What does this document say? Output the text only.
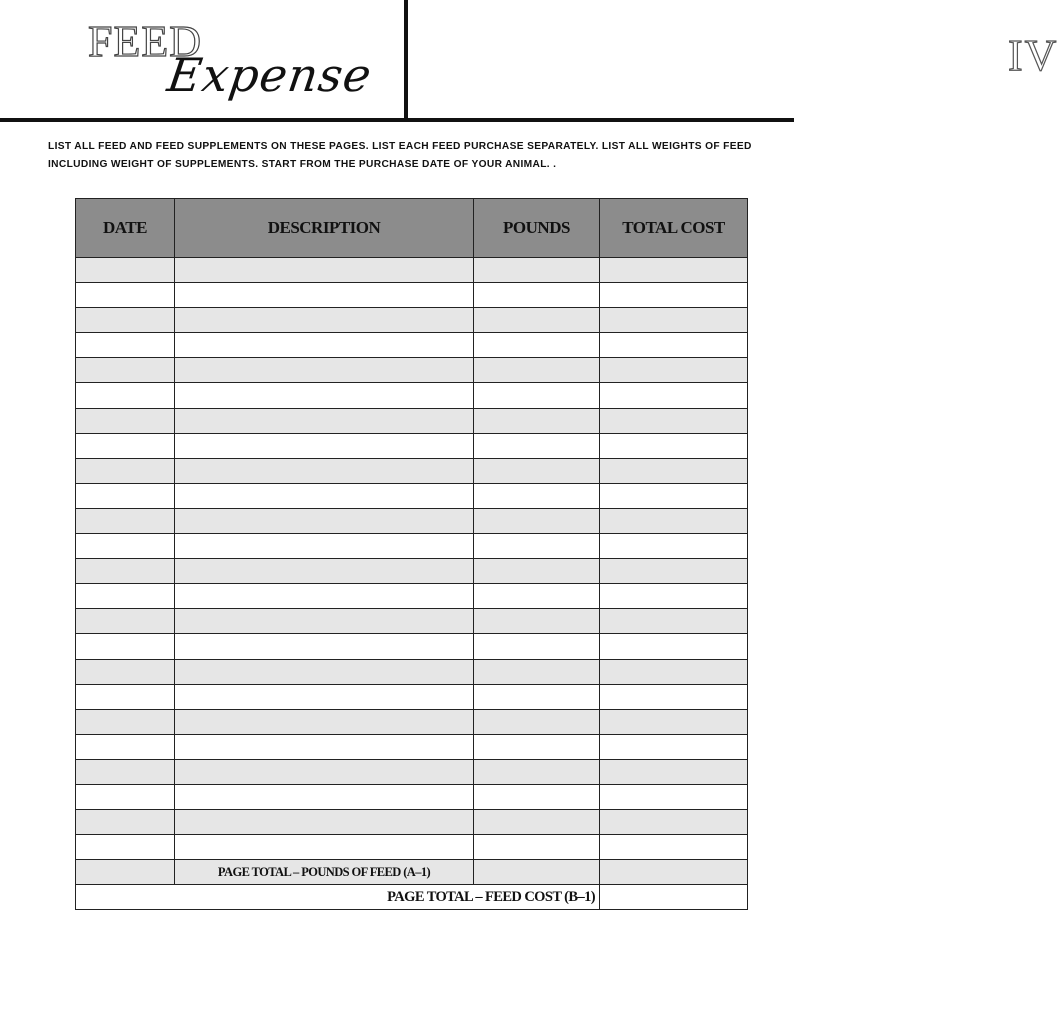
FEED
Expense	IV

LIST ALL FEED AND FEED SUPPLEMENTS ON THESE PAGES. LIST EACH FEED PURCHASE SEPARATELY. LIST ALL WEIGHTS OF FEED INCLUDING WEIGHT OF SUPPLEMENTS. START FROM THE PURCHASE DATE OF YOUR ANIMAL. .

DATE	DESCRIPTION	POUNDS	TOTAL COST

	PAGE TOTAL – POUNDS OF FEED (A–1)		
PAGE TOTAL – FEED COST (B–1)			
